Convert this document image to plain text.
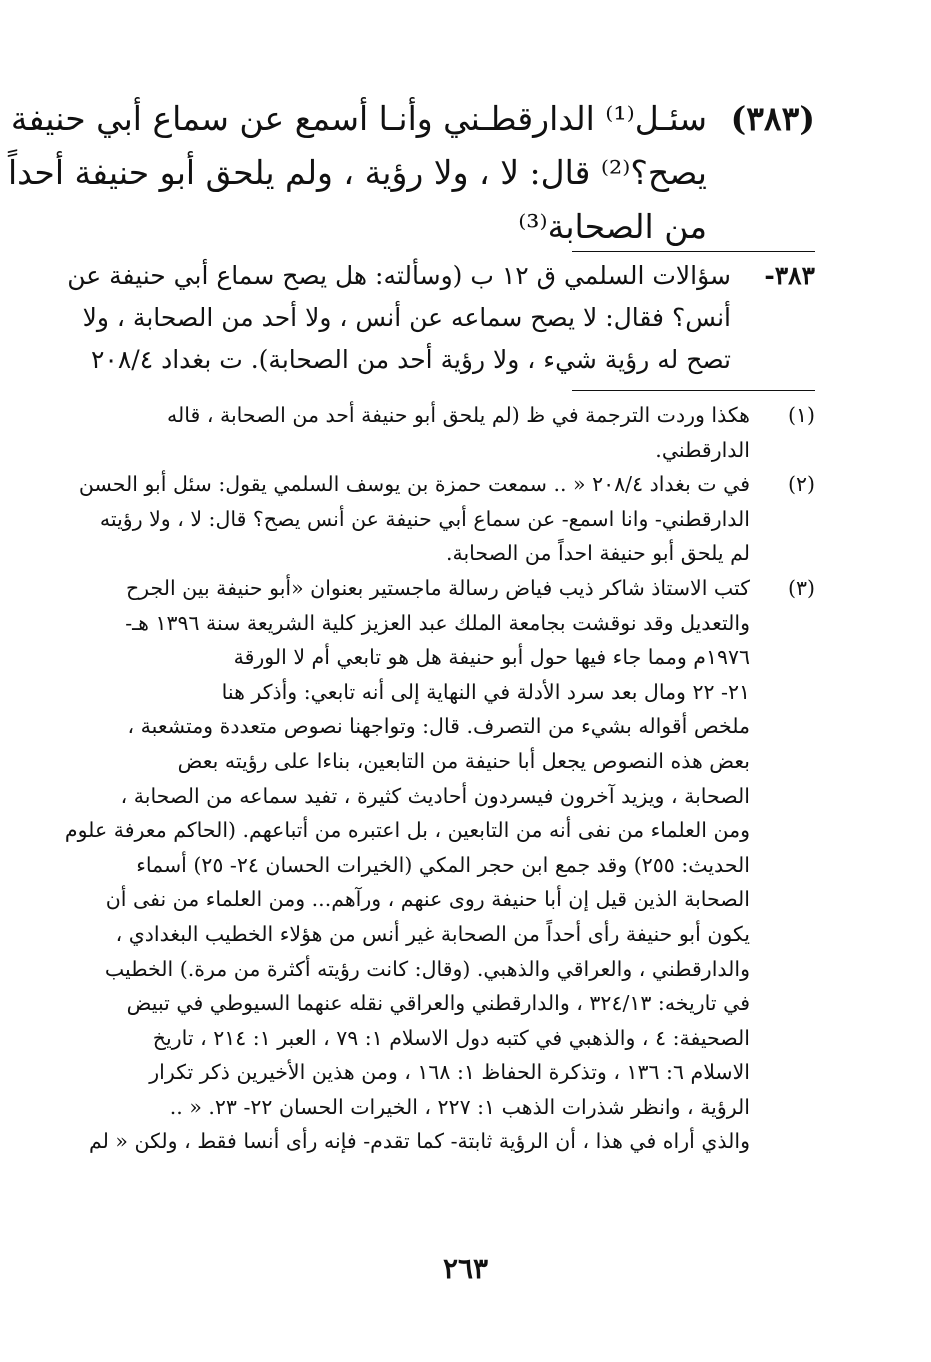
(٣٨٣)
سئـل⁽¹⁾ الدارقطـني وأنـا أسمع عن سماع أبي حنيفة
يصح؟⁽²⁾ قال: لا ، ولا رؤية ، ولم يلحق أبو حنيفة أحداً
من الصحابة⁽³⁾
٣٨٣-
سؤالات السلمي ق ١٢ ب (وسألته: هل يصح سماع أبي حنيفة عن
أنس؟ فقال: لا يصح سماعه عن أنس ، ولا أحد من الصحابة ، ولا
تصح له رؤية شيء ، ولا رؤية أحد من الصحابة). ت بغداد ٢٠٨/٤
(١)
هكذا وردت الترجمة في ظ (لم يلحق أبو حنيفة أحد من الصحابة ، قاله
الدارقطني.
(٢)
في ت بغداد ٢٠٨/٤ « .. سمعت حمزة بن يوسف السلمي يقول: سئل أبو الحسن
الدارقطني- وانا اسمع- عن سماع أبي حنيفة عن أنس يصح؟ قال: لا ، ولا رؤيته
لم يلحق أبو حنيفة احداً من الصحابة.
(٣)
كتب الاستاذ شاكر ذيب فياض رسالة ماجستير بعنوان «أبو حنيفة بين الجرح
والتعديل وقد نوقشت بجامعة الملك عبد العزيز كلية الشريعة سنة ١٣٩٦ هـ-
١٩٧٦م ومما جاء فيها حول أبو حنيفة هل هو تابعي أم لا الورقة
٢١- ٢٢ ومال بعد سرد الأدلة في النهاية إلى أنه تابعي: وأذكر هنا
ملخص أقواله بشيء من التصرف. قال: وتواجهنا نصوص متعددة ومتشعبة ،
بعض هذه النصوص يجعل أبا حنيفة من التابعين، بناءا على رؤيته بعض
الصحابة ، ويزيد آخرون فيسردون أحاديث كثيرة ، تفيد سماعه من الصحابة ،
ومن العلماء من نفى أنه من التابعين ، بل اعتبره من أتباعهم. (الحاكم معرفة علوم
الحديث: ٢٥٥) وقد جمع ابن حجر المكي (الخيرات الحسان ٢٤- ٢٥) أسماء
الصحابة الذين قيل إن أبا حنيفة روى عنهم ، ورآهم... ومن العلماء من نفى أن
يكون أبو حنيفة رأى أحداً من الصحابة غير أنس من هؤلاء الخطيب البغدادي ،
والدارقطني ، والعراقي والذهبي. (وقال: كانت رؤيته أكثرة من مرة.) الخطيب
في تاريخه: ٣٢٤/١٣ ، والدارقطني والعراقي نقله عنهما السيوطي في تبيض
الصحيفة: ٤ ، والذهبي في كتبه دول الاسلام ١: ٧٩ ، العبر ١: ٢١٤ ، تاريخ
الاسلام ٦: ١٣٦ ، وتذكرة الحفاظ ١: ١٦٨ ، ومن هذين الأخيرين ذكر تكرار
الرؤية ، وانظر شذرات الذهب ١: ٢٢٧ ، الخيرات الحسان ٢٢- ٢٣. « ..
والذي أراه في هذا ، أن الرؤية ثابتة- كما تقدم- فإنه رأى أنسا فقط ، ولكن « لم
٢٦٣
